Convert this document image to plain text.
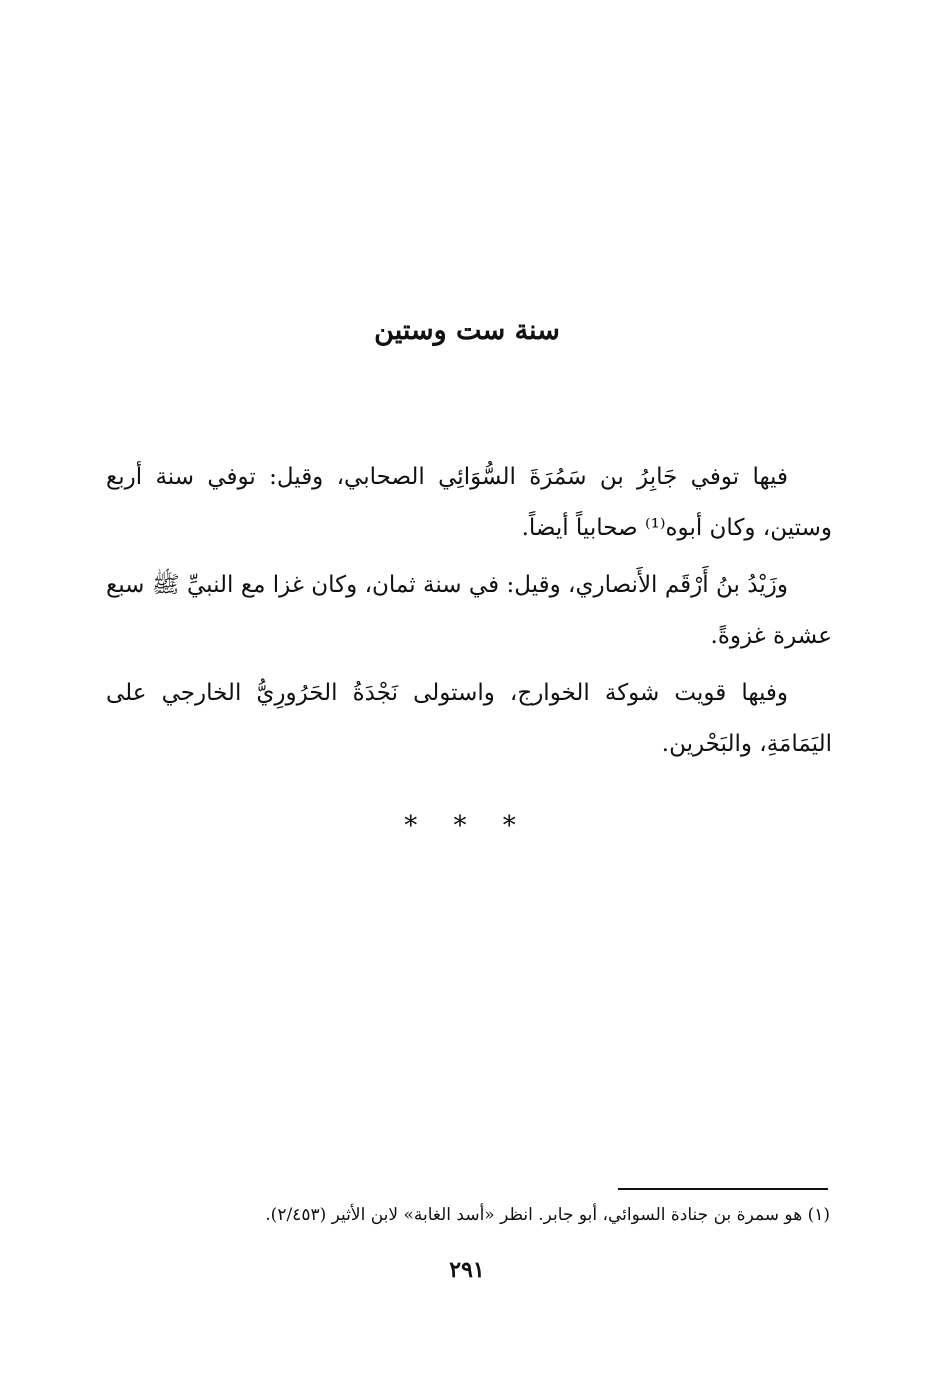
سنة ست وستين

فيها توفي جَابِرُ بن سَمُرَةَ السُّوَائِي الصحابي، وقيل: توفي سنة أربع وستين، وكان أبوه⁽¹⁾ صحابياً أيضاً.

وزَيْدُ بنُ أَرْقَم الأَنصاري، وقيل: في سنة ثمان، وكان غزا مع النبيِّ ﷺ سبع عشرة غزوةً.

وفيها قويت شوكة الخوارج، واستولى نَجْدَةُ الحَرُورِيُّ الخارجي على اليَمَامَةِ، والبَحْرين.

* * *
(١) هو سمرة بن جنادة السوائي، أبو جابر. انظر «أسد الغابة» لابن الأثير (٢/٤٥٣).
٢٩١
